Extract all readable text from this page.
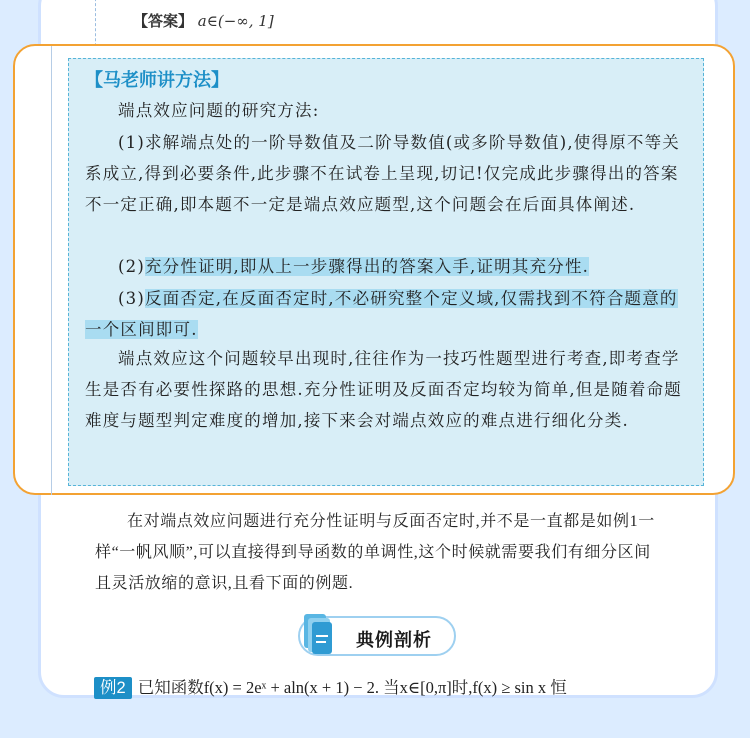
【答案】 a∈(−∞, 1]
【马老师讲方法】
端点效应问题的研究方法:
(1)求解端点处的一阶导数值及二阶导数值(或多阶导数值),使得原不等关系成立,得到必要条件,此步骤不在试卷上呈现,切记!仅完成此步骤得出的答案不一定正确,即本题不一定是端点效应题型,这个问题会在后面具体阐述.
(2)充分性证明,即从上一步骤得出的答案入手,证明其充分性.
(3)反面否定,在反面否定时,不必研究整个定义域,仅需找到不符合题意的一个区间即可.
端点效应这个问题较早出现时,往往作为一技巧性题型进行考查,即考查学生是否有必要性探路的思想.充分性证明及反面否定均较为简单,但是随着命题难度与题型判定难度的增加,接下来会对端点效应的难点进行细化分类.
在对端点效应问题进行充分性证明与反面否定时,并不是一直都是如例1一样“一帆风顺”,可以直接得到导函数的单调性,这个时候就需要我们有细分区间且灵活放缩的意识,且看下面的例题.
典例剖析
例2 已知函数f(x) = 2eˣ + aln(x + 1) − 2. 当x∈[0,π]时,f(x) ≥ sin x 恒
